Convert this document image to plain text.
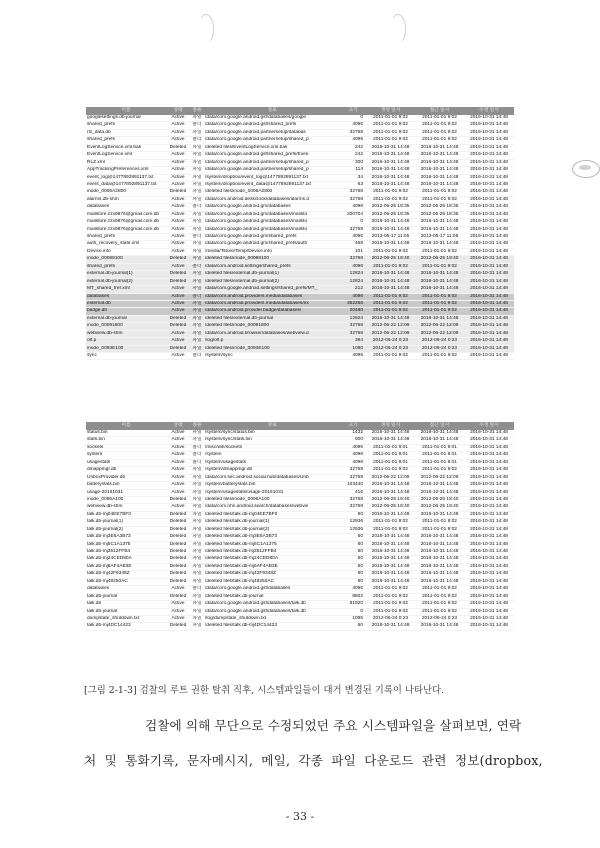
이름	상태	종류	경로	크기	생성 일시	접근 일시	수정 일시
googlesettings.db-journal	Active	파일	/data/com.google.android.gsf/databases/google	0	2011-01-01 9:02	2011-01-01 9:02	2016-10-31 14:48
shared_prefs	Active	폴더	/data/com.google.android.gsf/shared_prefs	4096	2011-01-01 9:02	2011-01-01 9:02	2016-10-31 14:48
rlz_data.db	Active	파일	/data/com.google.android.partnersetup/databas	32768	2011-01-01 9:02	2011-01-01 9:02	2016-10-31 14:48
shared_prefs	Active	폴더	/data/com.google.android.partnersetup/shared_p	4096	2011-01-01 9:02	2011-01-01 9:02	2016-10-31 14:48
EventLogService.xml.bak	Deleted	파일	/deleted files/EventLogService.xml.bak	242	2016-10-31 14:48	2016-10-31 14:48	2016-10-31 14:48
EventLogService.xml	Active	파일	/data/com.google.android.gsf/shared_prefs/Even	242	2016-10-31 14:48	2016-10-31 14:48	2016-10-31 14:48
RLZ.xml	Active	파일	/data/com.google.android.partnersetup/shared_p	300	2016-10-31 14:48	2016-10-31 14:48	2016-10-31 14:48
AppTrackingPreferences.xml	Active	파일	/data/com.google.android.partnersetup/shared_p	114	2016-10-31 14:48	2016-10-31 14:48	2016-10-31 14:48
event_log@1477892891137.txt	Active	파일	/system/dropbox/event_log@1477892891137.txt	34	2016-10-31 14:48	2016-10-31 14:48	2016-10-31 14:48
event_data@1477892891137.txt	Active	파일	/system/dropbox/event_data@1477892891137.txt	63	2016-10-31 14:48	2016-10-31 14:48	2016-10-31 14:48
inode_0006A2800	Deleted	파일	/deleted files/inode_0006A2800	32768	2011-01-01 9:02	2011-01-01 9:02	2016-10-31 14:48
alarms.db-shm	Active	파일	/data/com.android.deskclock/databases/alarms.d	32768	2011-01-01 9:02	2011-01-01 9:02	2016-10-31 14:48
databases	Active	폴더	/data/com.google.android.gm/databases	4096	2012-05-25 18:35	2012-05-25 18:35	2016-10-31 14:48
mailstore.zzx9876@gmail.com.db	Active	파일	/data/com.google.android.gm/databases/mailsto	200704	2012-05-25 18:35	2012-05-25 18:35	2016-10-31 14:48
mailstore.zzx9876@gmail.com.db	Active	파일	/data/com.google.android.gm/databases/mailsto	0	2016-10-31 14:48	2016-10-31 14:48	2016-10-31 14:48
mailstore.zzx9876@gmail.com.db	Active	파일	/data/com.google.android.gm/databases/mailsto	32768	2016-10-31 14:48	2016-10-31 14:48	2016-10-31 14:48
shared_prefs	Active	폴더	/data/com.google.android.gm/shared_prefs	4096	2013-05-17 11:05	2013-05-17 11:05	2016-10-31 14:48
auth_recovery_state.xml	Active	파일	/data/com.google.android.gm/shared_prefs/auth	468	2016-10-31 14:48	2016-10-31 14:48	2016-10-31 14:48
Device.info	Active	파일	/media/Tstore/Temp/Device.info	101	2011-01-01 9:02	2011-01-01 9:02	2016-10-31 14:48
inode_00088100	Deleted	파일	/deleted files/inode_00088100	32768	2012-06-25 18:40	2012-06-25 18:40	2016-10-31 14:48
shared_prefs	Active	폴더	/data/com.android.settings/shared_prefs	4096	2011-01-01 9:02	2011-01-01 9:02	2016-10-31 14:48
external.db-journal(1)	Deleted	파일	/deleted files/external.db-journal(1)	12824	2016-10-31 14:48	2016-10-31 14:48	2016-10-31 14:48
external.db-journal(2)	Deleted	파일	/deleted files/external.db-journal(2)	12824	2016-10-31 14:48	2016-10-31 14:48	2016-10-31 14:48
MT_shared_fref.xml	Active	파일	/data/com.google.android.settings/shared_prefs/MT_	212	2016-10-31 14:48	2016-10-31 14:48	2016-10-31 14:48
databases	Active	폴더	/data/com.android.providers.media/databases	4096	2011-01-01 9:02	2011-01-01 9:02	2016-10-31 14:48
external.db	Active	파일	/data/com.android.providers.media/databases/ex	352256	2011-01-01 9:02	2011-01-01 9:02	2016-10-31 14:48
badge.db	Active	파일	/data/com.android.provider.badge/databases/	20480	2011-01-01 9:02	2011-01-01 9:02	2016-10-31 14:48
external.db-journal	Deleted	파일	/deleted files/external.db-journal	12824	2016-10-31 14:48	2016-10-31 14:48	2016-10-31 14:48
inode_00091800	Deleted	파일	/deleted files/inode_00091800	32768	2012-06-22 12:09	2012-06-22 12:09	2016-10-31 14:48
webview.db-shm	Active	파일	/data/com.android.browser/databases/webview.d	32768	2012-06-22 12:09	2012-06-22 12:09	2016-10-31 14:48
off.p	Active	파일	/log/off.p	384	2012-06-24 0:23	2012-06-24 0:23	2016-10-31 14:48
inode_0093E100	Deleted	파일	/deleted files/inode_0093E100	1080	2012-06-24 0:23	2012-06-24 0:23	2016-10-31 14:48
sync	Active	폴더	/system/sync	4096	2011-01-01 9:02	2011-01-01 9:02	2016-10-31 14:48
이름	상태	종류	경로	크기	생성 일시	접근 일시	수정 일시
status.bin	Active	파일	/system/sync/status.bin	1432	2016-10-31 14:48	2016-10-31 14:48	2016-10-31 14:48
stats.bin	Active	파일	/system/sync/stats.bin	900	2016-10-31 14:48	2016-10-31 14:48	2016-10-31 14:48
sockets	Active	폴더	/misc/wifi/sockets	4096	2011-01-01 9:01	2011-01-01 9:01	2016-10-31 14:48
system	Active	폴더	/system	4096	2011-01-01 9:01	2011-01-01 9:01	2016-10-31 14:48
usagestats	Active	폴더	/system/usagestats	4096	2011-01-01 9:01	2011-01-01 9:01	2016-10-31 14:48
dmappmgr.db	Active	파일	/system/dmappmgr.db	32768	2011-01-01 9:02	2011-01-01 9:02	2016-10-31 14:48
UnboxProvider.db	Active	파일	/data/com.sec.android.social.hub/databases/Unb	32768	2012-06-22 12:09	2012-06-22 12:09	2016-10-31 14:48
batterystats.bin	Active	파일	/system/batterystats.bin	103440	2016-10-31 14:48	2016-10-31 14:48	2016-10-31 14:48
usage-20161031	Active	파일	/system/usagestats/usage-20161031	416	2016-10-31 14:48	2016-10-31 14:48	2016-10-31 14:48
inode_0096A100	Deleted	파일	/deleted files/inode_0096A100	32768	2012-06-25 18:40	2012-06-25 18:40	2016-10-31 14:48
webview.db-shm	Active	파일	/data/com.nhn.android.search/databases/webvie	32768	2012-06-25 18:40	2012-06-25 18:40	2016-10-31 14:48
talk.db-mj04EE7BF0	Deleted	파일	/deleted files/talk.db-mj04EE7BF0	60	2016-10-31 14:48	2016-10-31 14:48	2016-10-31 14:48
talk.db-journal(1)	Deleted	파일	/deleted files/talk.db-journal(1)	12936	2011-01-01 9:02	2011-01-01 9:02	2016-10-31 14:48
talk.db-journal(2)	Deleted	파일	/deleted files/talk.db-journal(2)	12936	2011-01-01 9:02	2011-01-01 9:02	2016-10-31 14:48
talk.db-mj3E6A3B73	Deleted	파일	/deleted files/talk.db-mj3E6A3B73	60	2016-10-31 14:48	2016-10-31 14:48	2016-10-31 14:48
talk.db-mj5C1A1375	Deleted	파일	/deleted files/talk.db-mj5C1A1375	60	2016-10-31 14:48	2016-10-31 14:48	2016-10-31 14:48
talk.db-mj3512FFB4	Deleted	파일	/deleted files/talk.db-mj3512FFB4	60	2016-10-31 14:48	2016-10-31 14:48	2016-10-31 14:48
talk.db-mj24CED80A	Deleted	파일	/deleted files/talk.db-mj24CED80A	60	2016-10-31 14:48	2016-10-31 14:48	2016-10-31 14:48
talk.db-mj6AF4AB3E	Deleted	파일	/deleted files/talk.db-mj6AF4AB3E	60	2016-10-31 14:48	2016-10-31 14:48	2016-10-31 14:48
talk.db-mj42F9348Z	Deleted	파일	/deleted files/talk.db-mj42F9348Z	60	2016-10-31 14:48	2016-10-31 14:48	2016-10-31 14:48
talk.db-mj48250AC	Deleted	파일	/deleted files/talk.db-mj48250AC	60	2016-10-31 14:48	2016-10-31 14:48	2016-10-31 14:48
databases	Active	폴더	/data/com.google.android.gsf/databases	4096	2011-01-01 9:02	2011-01-01 9:02	2016-10-31 14:48
talk.db-journal	Deleted	파일	/deleted files/talk.db-journal	8802	2011-01-01 9:02	2011-01-01 9:02	2016-10-31 14:48
talk.db	Active	파일	/data/com.google.android.gsf/databases/talk.db	81920	2011-01-01 9:02	2011-01-01 9:02	2016-10-31 14:48
talk.db-journal	Active	파일	/data/com.google.android.gsf/databases/talk.db	0	2011-01-01 9:02	2011-01-01 9:02	2016-10-31 14:48
dumpstate_shutdown.txt	Active	파일	/log/dumpstate_shutdown.txt	1095	2012-06-24 0:23	2012-06-24 0:23	2016-10-31 14:48
talk.db-mj4DC14423	Deleted	파일	/deleted files/talk.db-mj4DC14423	60	2016-10-31 14:48	2016-10-31 14:48	2016-10-31 14:48
[그림 2-1-3] 검찰의 루트 권한 탈취 직후, 시스템파일들이 대거 변경된 기록이 나타난다.
검찰에 의해 무단으로 수정되었던 주요 시스템파일을 살펴보면, 연락
처 및 통화기록, 문자메시지, 메일, 각종 파일 다운로드 관련 정보(dropbox,
- 33 -
